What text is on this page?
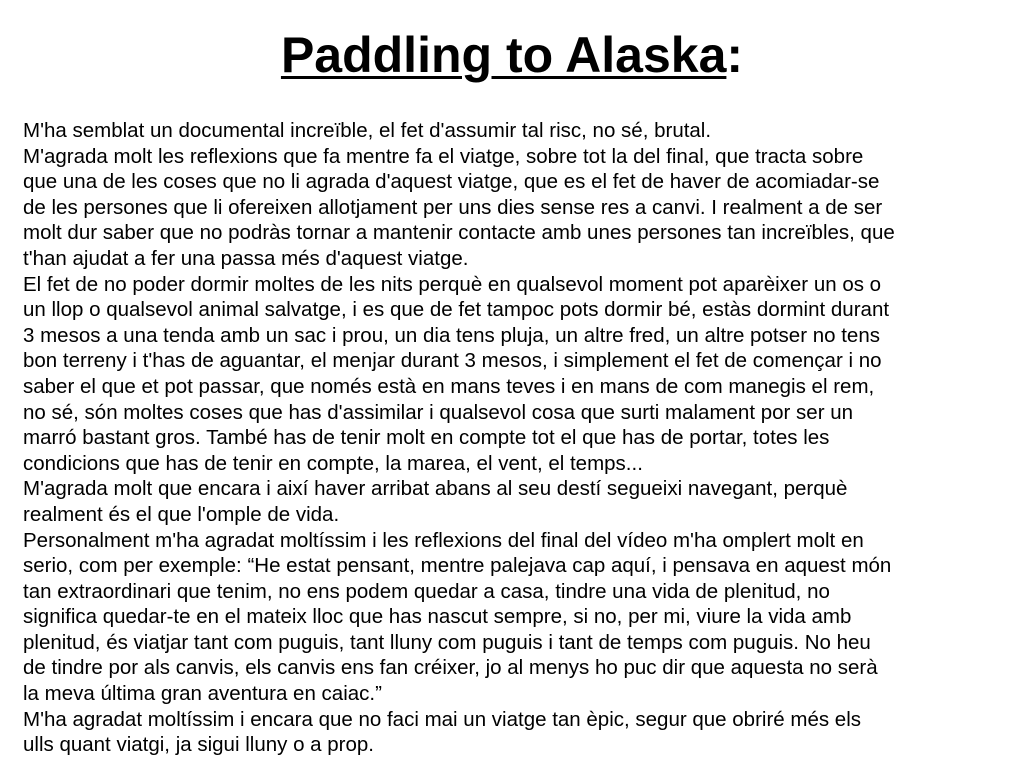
Paddling to Alaska:
M'ha semblat un documental increïble, el fet d'assumir tal risc, no sé, brutal.
M'agrada molt les reflexions que fa mentre fa el viatge, sobre tot la del final, que tracta sobre
que una de les coses que no li agrada d'aquest viatge, que es el fet de haver de acomiadar-se
de les persones que li ofereixen allotjament per uns dies sense res a canvi. I realment a de ser
molt dur saber que no podràs tornar a mantenir contacte amb unes persones tan increïbles, que
t'han ajudat a fer una passa més d'aquest viatge.
El fet de no poder dormir moltes de les nits perquè en qualsevol moment pot aparèixer un os o
un llop o qualsevol animal salvatge, i es que de fet tampoc pots dormir bé, estàs dormint durant
3 mesos a una tenda amb un sac i prou, un dia tens pluja, un altre fred, un altre potser no tens
bon terreny i t'has de aguantar, el menjar durant 3 mesos, i simplement el fet de començar i no
saber el que et pot passar, que només està en mans teves i en mans de com manegis el rem,
no sé, són moltes coses que has d'assimilar i qualsevol cosa que surti malament por ser un
marró bastant gros. També has de tenir molt en compte tot el que has de portar, totes les
condicions que has de tenir en compte, la marea, el vent, el temps...
M'agrada molt que encara i així haver arribat abans al seu destí segueixi navegant, perquè
realment és el que l'omple de vida.
Personalment m'ha agradat moltíssim i les reflexions del final del vídeo m'ha omplert molt en
serio, com per exemple: “He estat pensant, mentre palejava cap aquí, i pensava en aquest món
tan extraordinari que tenim, no ens podem quedar a casa, tindre una vida de plenitud, no
significa quedar-te en el mateix lloc que has nascut sempre, si no, per mi, viure la vida amb
plenitud, és viatjar tant com puguis, tant lluny com puguis i tant de temps com puguis. No heu
de tindre por als canvis, els canvis ens fan créixer, jo al menys ho puc dir que aquesta no serà
la meva última gran aventura en caiac.”
M'ha agradat moltíssim i encara que no faci mai un viatge tan èpic, segur que obriré més els
ulls quant viatgi, ja sigui lluny o a prop.
